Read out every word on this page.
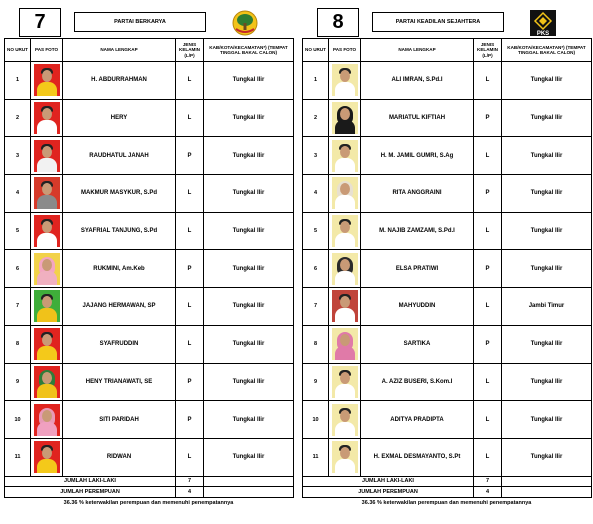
7	PARTAI BERKARYA
NO URUT	PAS FOTO	NAMA LENGKAP	JENIS KELAMIN (L/P)	KAB/KOTA/KECAMATAN*) (TEMPAT TINGGAL BAKAL CALON)
1		H. ABDURRAHMAN	L	Tungkal Ilir
2		HERY	L	Tungkal Ilir
3		RAUDHATUL JANAH	P	Tungkal Ilir
4		MAKMUR MASYKUR, S.Pd	L	Tungkal Ilir
5		SYAFRIAL TANJUNG, S.Pd	L	Tungkal Ilir
6		RUKMINI, Am.Keb	P	Tungkal Ilir
7		JAJANG HERMAWAN, SP	L	Tungkal Ilir
8		SYAFRUDDIN	L	Tungkal Ilir
9		HENY TRIANAWATI, SE	P	Tungkal Ilir
10		SITI PARIDAH	P	Tungkal Ilir
11		RIDWAN	L	Tungkal Ilir
JUMLAH LAKI-LAKI			7	
JUMLAH PEREMPUAN			4	
36.36 % keterwakilan perempuan dan memenuhi penempatannya
8	PARTAI KEADILAN SEJAHTERA
PKS
NO URUT	PAS FOTO	NAMA LENGKAP	JENIS KELAMIN (L/P)	KAB/KOTA/KECAMATAN*) (TEMPAT TINGGAL BAKAL CALON)
1		ALI IMRAN, S.Pd.I	L	Tungkal Ilir
2		MARIATUL KIFTIAH	P	Tungkal Ilir
3		H. M. JAMIL GUMRI, S.Ag	L	Tungkal Ilir
4		RITA ANGGRAINI	P	Tungkal Ilir
5		M. NAJIB ZAMZAMI, S.Pd.I	L	Tungkal Ilir
6		ELSA PRATIWI	P	Tungkal Ilir
7		MAHYUDDIN	L	Jambi Timur
8		SARTIKA	P	Tungkal Ilir
9		A. AZIZ BUSERI, S.Kom.I	L	Tungkal Ilir
10		ADITYA PRADIPTA	L	Tungkal Ilir
11		H. EXMAL DESMAYANTO, S.Pt	L	Tungkal Ilir
JUMLAH LAKI-LAKI			7	
JUMLAH PEREMPUAN			4	
36.36 % keterwakilan perempuan dan memenuhi penempatannya
